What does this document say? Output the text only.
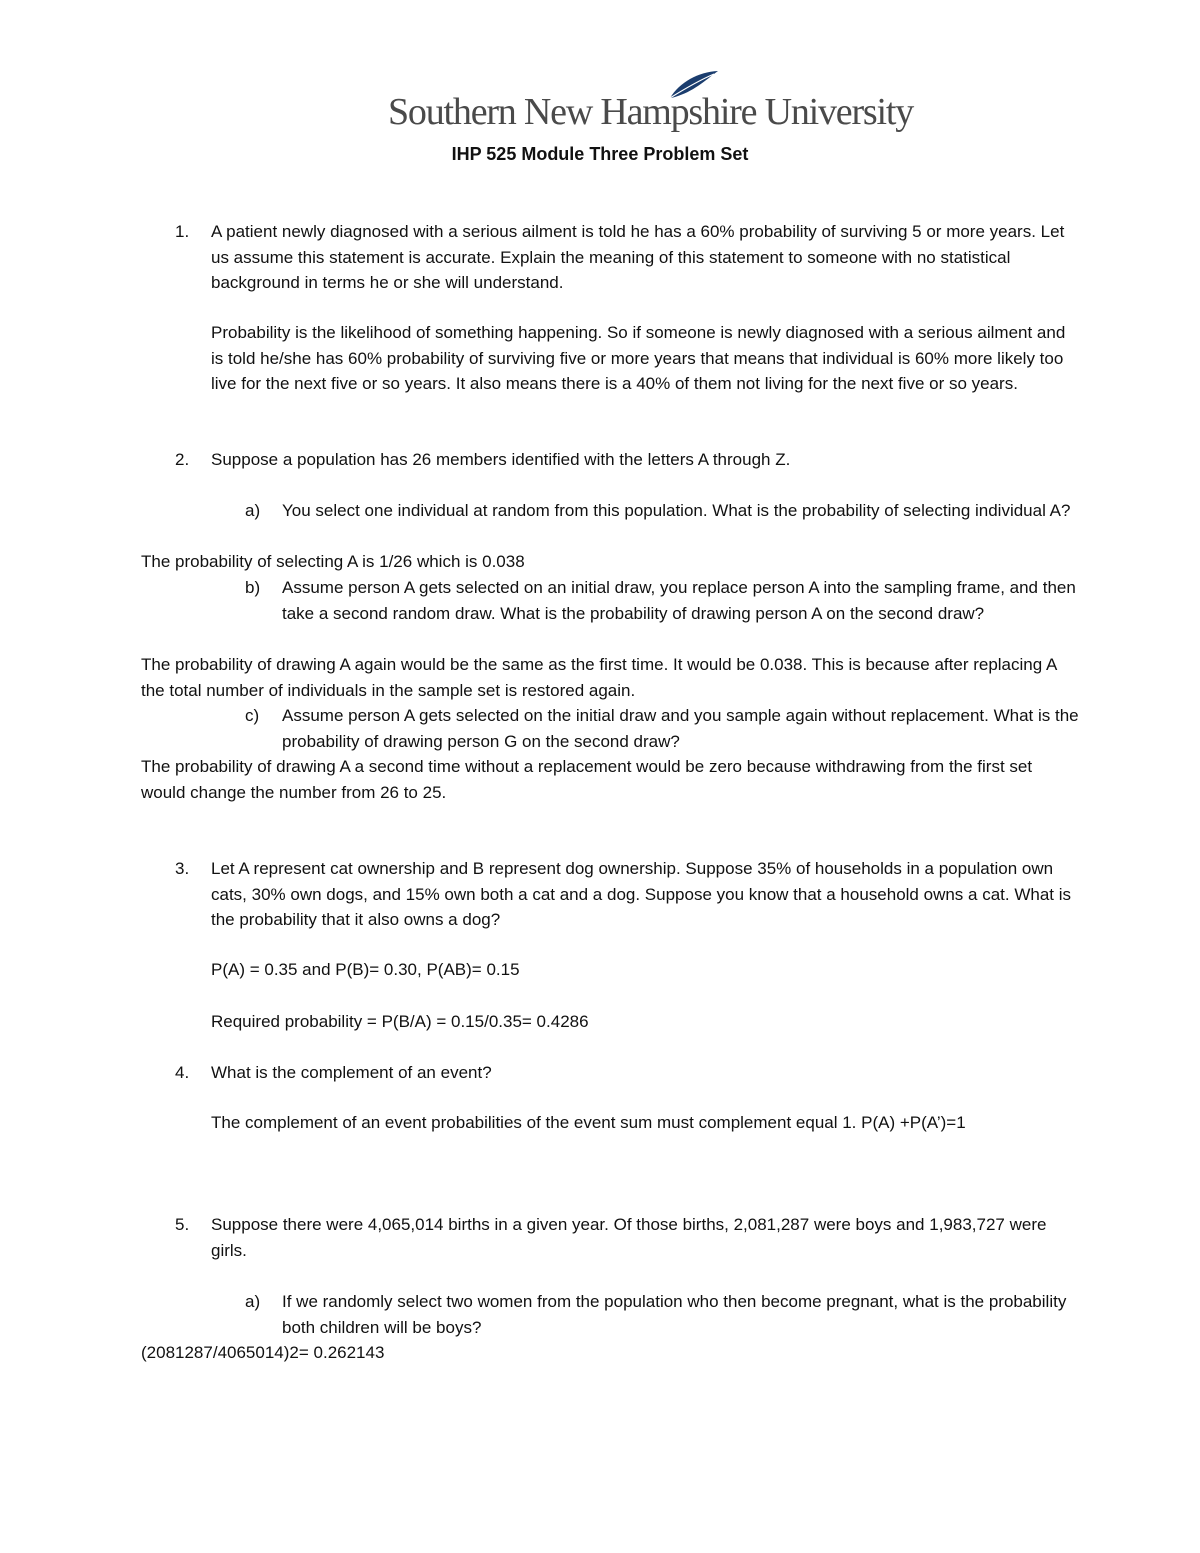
Southern New Hampshire University
IHP 525 Module Three Problem Set
1. A patient newly diagnosed with a serious ailment is told he has a 60% probability of surviving 5 or more years. Let us assume this statement is accurate. Explain the meaning of this statement to someone with no statistical background in terms he or she will understand.

Probability is the likelihood of something happening. So if someone is newly diagnosed with a serious ailment and is told he/she has 60% probability of surviving five or more years that means that individual is 60% more likely too live for the next five or so years. It also means there is a 40% of them not living for the next five or so years.

2. Suppose a population has 26 members identified with the letters A through Z.

a) You select one individual at random from this population. What is the probability of selecting individual A?

The probability of selecting A is 1/26 which is 0.038

b) Assume person A gets selected on an initial draw, you replace person A into the sampling frame, and then take a second random draw. What is the probability of drawing person A on the second draw?

The probability of drawing A again would be the same as the first time. It would be 0.038. This is because after replacing A the total number of individuals in the sample set is restored again.

c) Assume person A gets selected on the initial draw and you sample again without replacement. What is the probability of drawing person G on the second draw?

The probability of drawing A a second time without a replacement would be zero because withdrawing from the first set would change the number from 26 to 25.

3. Let A represent cat ownership and B represent dog ownership. Suppose 35% of households in a population own cats, 30% own dogs, and 15% own both a cat and a dog. Suppose you know that a household owns a cat. What is the probability that it also owns a dog?

P(A) = 0.35 and P(B)= 0.30, P(AB)= 0.15

Required probability = P(B/A) = 0.15/0.35= 0.4286

4. What is the complement of an event?

The complement of an event probabilities of the event sum must complement equal 1. P(A) +P(A’)=1

5. Suppose there were 4,065,014 births in a given year. Of those births, 2,081,287 were boys and 1,983,727 were girls.

a) If we randomly select two women from the population who then become pregnant, what is the probability both children will be boys?

(2081287/4065014)2= 0.262143
